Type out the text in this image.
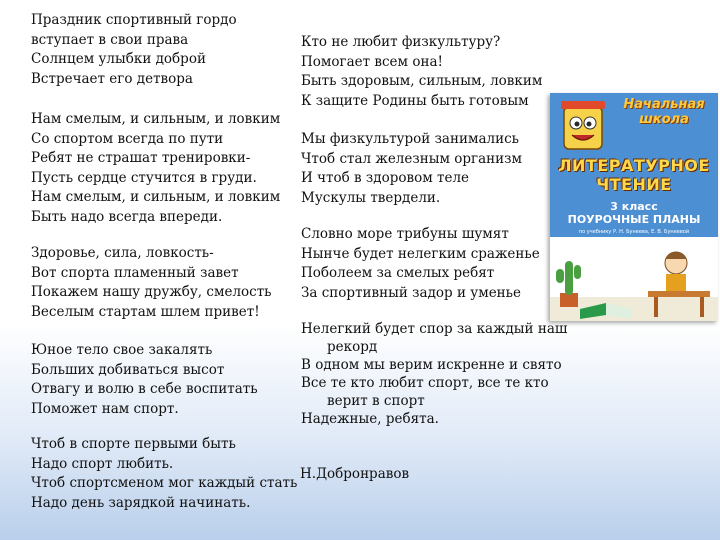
Праздник спортивный гордо
вступает в свои права
Солнцем улыбки доброй
Встречает его детвора
Нам смелым, и сильным, и ловким
Со спортом всегда по пути
Ребят не страшат тренировки-
Пусть сердце стучится в груди.
Нам смелым, и сильным, и ловким
Быть надо всегда впереди.
Здоровье, сила, ловкость-
Вот спорта пламенный завет
Покажем нашу дружбу, смелость
Веселым стартам шлем привет!
Юное тело свое закалять
Больших добиваться высот
Отвагу и волю в себе воспитать
Поможет нам спорт.
Чтоб в спорте первыми быть
Надо спорт любить.
Чтоб спортсменом мог каждый стать
Надо день зарядкой начинать.
Н.Добронравов
Кто не любит физкультуру?
Помогает всем она!
Быть здоровым, сильным, ловким
К защите Родины быть готовым
Мы физкультурой занимались
Чтоб стал железным организм
И чтоб в здоровом теле
Мускулы твердели.
Словно море трибуны шумят
Нынче будет нелегким сраженье
Поболеем за смелых ребят
За спортивный задор и уменье
Нелегкий будет спор за каждый наш
рекорд
В одном мы верим искренне и свято
Все те кто любит спорт, все те кто
верит в спорт
Надежные, ребята.
Начальная
школа
ЛИТЕРАТУРНОЕ
ЧТЕНИЕ
3 класс
ПОУРОЧНЫЕ ПЛАНЫ
по учебнику Р. Н. Бунеева, Е. В. Бунеевой
